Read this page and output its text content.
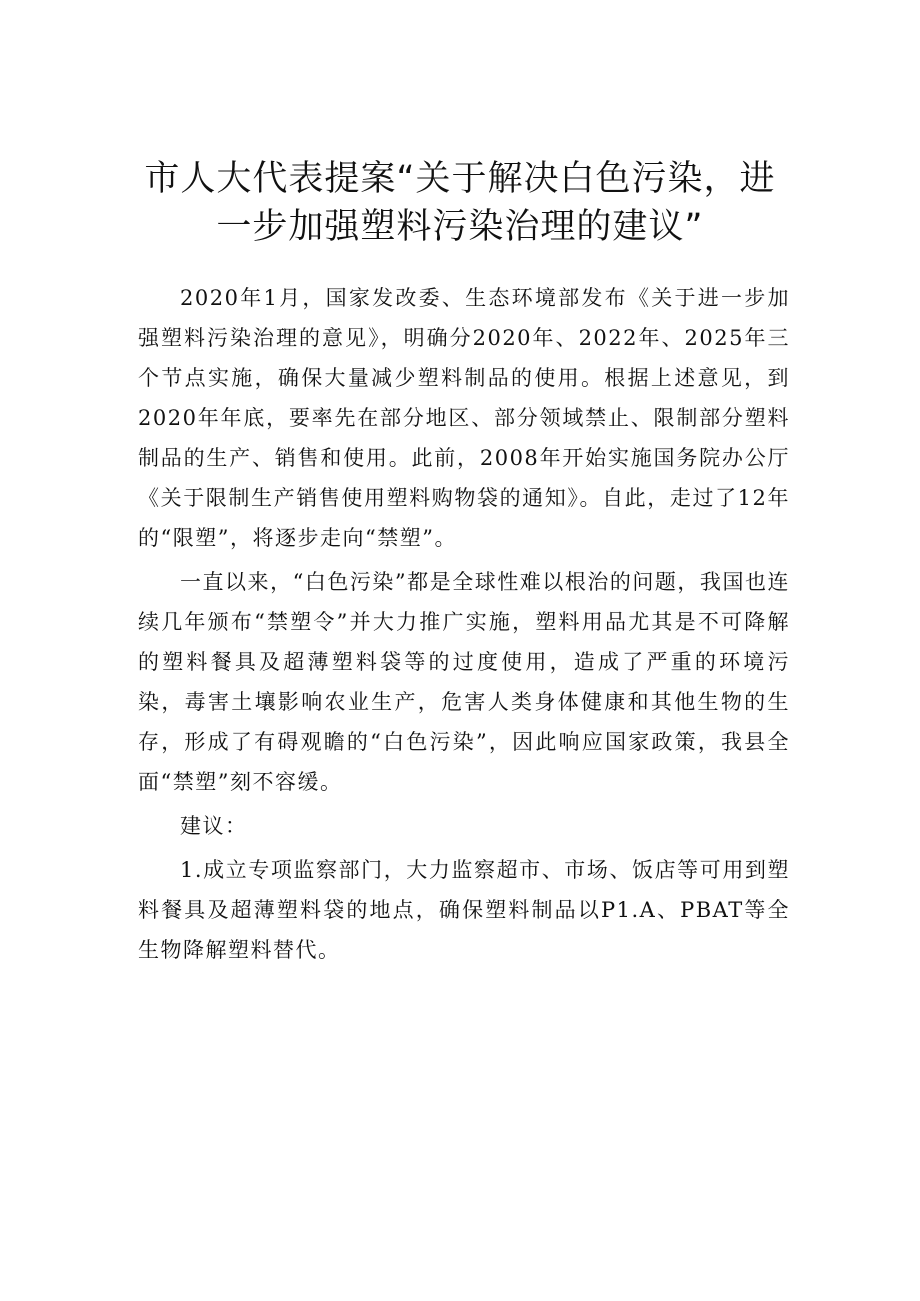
市人大代表提案“关于解决白色污染，进一步加强塑料污染治理的建议”

2020年1月，国家发改委、生态环境部发布《关于进一步加强塑料污染治理的意见》，明确分2020年、2022年、2025年三个节点实施，确保大量减少塑料制品的使用。根据上述意见，到2020年年底，要率先在部分地区、部分领域禁止、限制部分塑料制品的生产、销售和使用。此前，2008年开始实施国务院办公厅《关于限制生产销售使用塑料购物袋的通知》。自此，走过了12年的“限塑”，将逐步走向“禁塑”。

一直以来，“白色污染”都是全球性难以根治的问题，我国也连续几年颁布“禁塑令”并大力推广实施，塑料用品尤其是不可降解的塑料餐具及超薄塑料袋等的过度使用，造成了严重的环境污染，毒害土壤影响农业生产，危害人类身体健康和其他生物的生存，形成了有碍观瞻的“白色污染”，因此响应国家政策，我县全面“禁塑”刻不容缓。

建议：

1.成立专项监察部门，大力监察超市、市场、饭店等可用到塑料餐具及超薄塑料袋的地点，确保塑料制品以P1.A、PBAT等全生物降解塑料替代。
